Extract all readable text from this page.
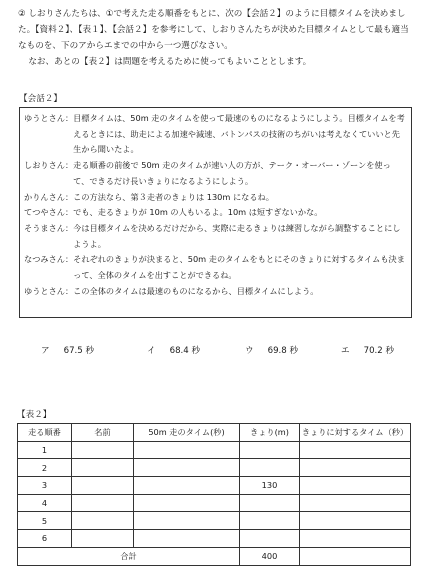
② しおりさんたちは、①で考えた走る順番をもとに、次の【会話２】のように目標タイムを決めました。【資料２】、【表１】、【会話２】を参考にして、しおりさんたちが決めた目標タイムとして最も適当なものを、下のアからエまでの中から一つ選びなさい。

なお、あとの【表２】は問題を考えるために使ってもよいこととします。

【会話２】
ゆうとさん： 目標タイムは、50m 走のタイムを使って最速のものになるようにしよう。目標タイムを考えるときには、助走による加速や減速、バトンパスの技術のちがいは考えなくていいと先生から聞いたよ。
しおりさん： 走る順番の前後で 50m 走のタイムが速い人の方が、テーク・オーバー・ゾーンを使って、できるだけ長いきょりになるようにしよう。
かりんさん： この方法なら、第３走者のきょりは 130m になるね。
てつやさん： でも、走るきょりが 10m の人もいるよ。10m は短すぎないかな。
そうまさん： 今は目標タイムを決めるだけだから、実際に走るきょりは練習しながら調整することにしようよ。
なつみさん： それぞれのきょりが決まると、50m 走のタイムをもとにそのきょりに対するタイムも決まって、全体のタイムを出すことができるね。
ゆうとさん： この全体のタイムは最速のものになるから、目標タイムにしよう。
ア 67.5 秒	イ 68.4 秒	ウ 69.8 秒	エ 70.2 秒
【表２】
走る順番	名前	50m 走のタイム(秒)	きょり(m)	きょりに対するタイム（秒）
1				
2				
3			130	
4				
5				
6				
合計			400	
